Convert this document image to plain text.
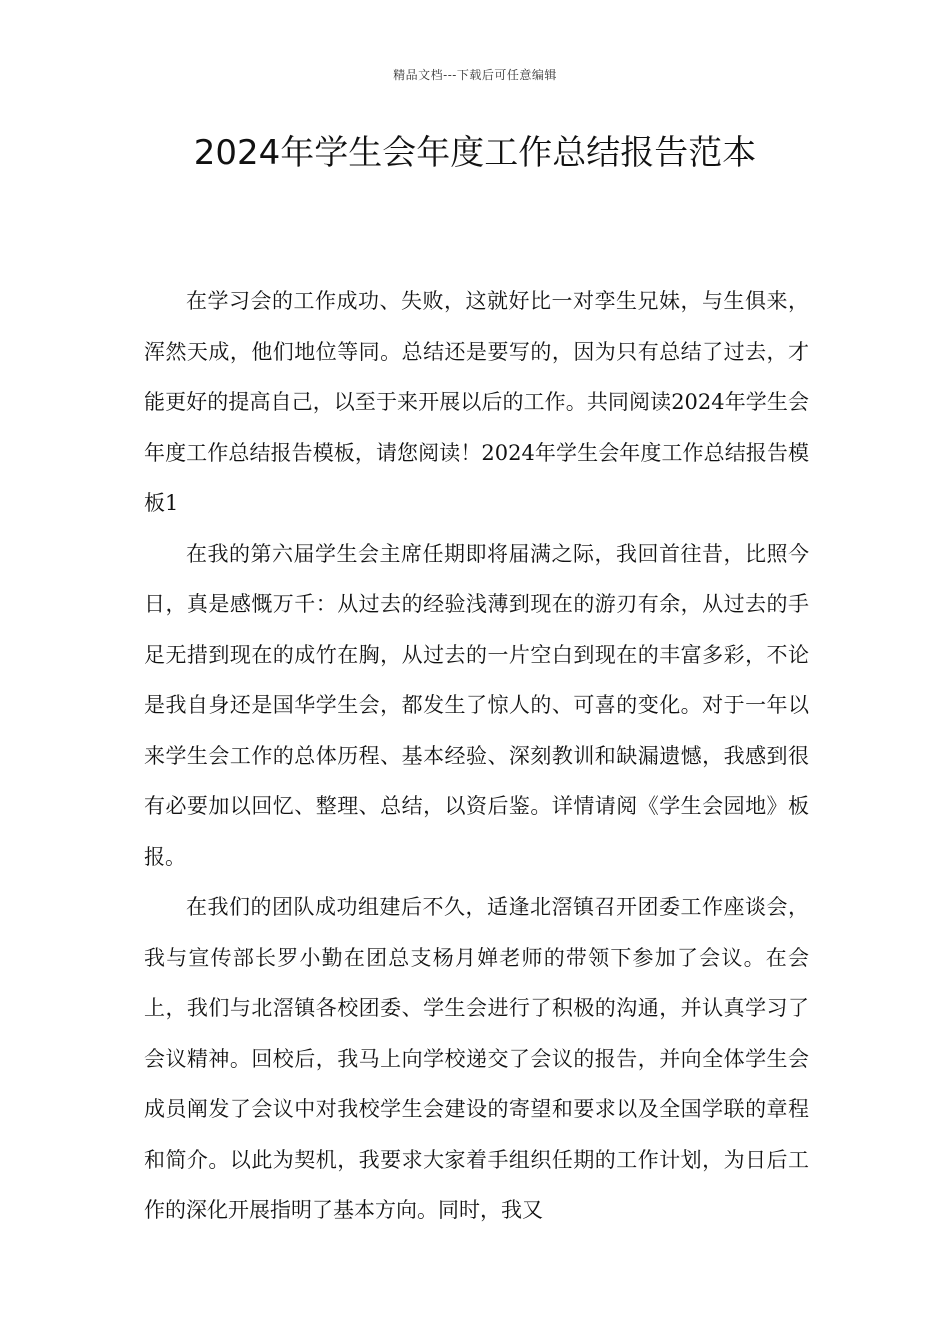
精品文档---下载后可任意编辑
2024年学生会年度工作总结报告范本

在学习会的工作成功、失败，这就好比一对孪生兄妹，与生俱来，浑然天成，他们地位等同。总结还是要写的，因为只有总结了过去，才能更好的提高自己，以至于来开展以后的工作。共同阅读2024年学生会年度工作总结报告模板，请您阅读！2024年学生会年度工作总结报告模板1

在我的第六届学生会主席任期即将届满之际，我回首往昔，比照今日，真是感慨万千：从过去的经验浅薄到现在的游刃有余，从过去的手足无措到现在的成竹在胸，从过去的一片空白到现在的丰富多彩，不论是我自身还是国华学生会，都发生了惊人的、可喜的变化。对于一年以来学生会工作的总体历程、基本经验、深刻教训和缺漏遗憾，我感到很有必要加以回忆、整理、总结，以资后鉴。详情请阅《学生会园地》板报。

在我们的团队成功组建后不久，适逢北滘镇召开团委工作座谈会，我与宣传部长罗小勤在团总支杨月婵老师的带领下参加了会议。在会上，我们与北滘镇各校团委、学生会进行了积极的沟通，并认真学习了会议精神。回校后，我马上向学校递交了会议的报告，并向全体学生会成员阐发了会议中对我校学生会建设的寄望和要求以及全国学联的章程和简介。以此为契机，我要求大家着手组织任期的工作计划，为日后工作的深化开展指明了基本方向。同时，我又
